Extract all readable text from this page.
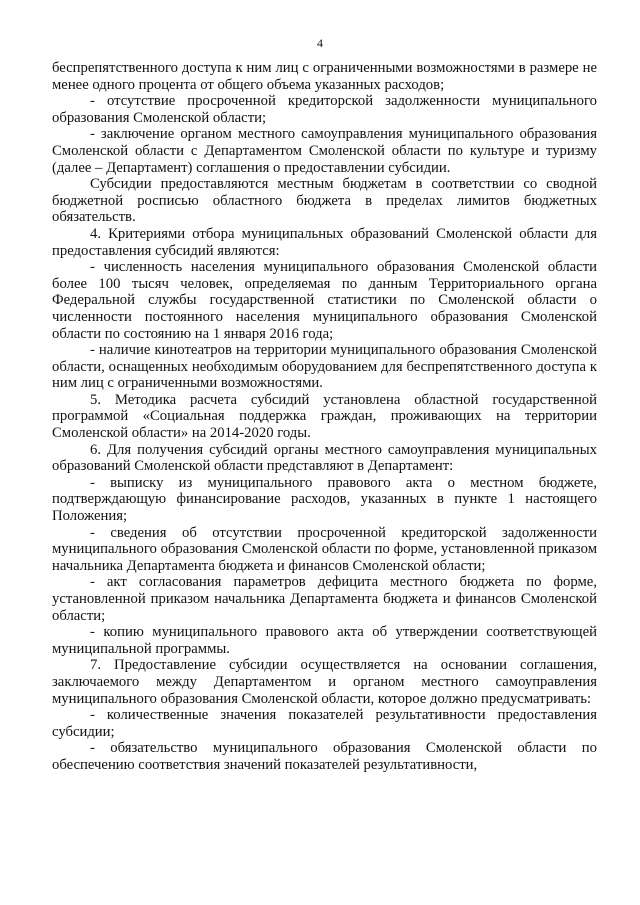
4

беспрепятственного доступа к ним лиц с ограниченными возможностями в размере не менее одного процента от общего объема указанных расходов;

- отсутствие просроченной кредиторской задолженности муниципального образования Смоленской области;

- заключение органом местного самоуправления муниципального образования Смоленской области с Департаментом Смоленской области по культуре и туризму (далее – Департамент) соглашения о предоставлении субсидии.

Субсидии предоставляются местным бюджетам в соответствии со сводной бюджетной росписью областного бюджета в пределах лимитов бюджетных обязательств.

4. Критериями отбора муниципальных образований Смоленской области для предоставления субсидий являются:

- численность населения муниципального образования Смоленской области более 100 тысяч человек, определяемая по данным Территориального органа Федеральной службы государственной статистики по Смоленской области о численности постоянного населения муниципального образования Смоленской области по состоянию на 1 января 2016 года;

- наличие кинотеатров на территории муниципального образования Смоленской области, оснащенных необходимым оборудованием для беспрепятственного доступа к ним лиц с ограниченными возможностями.

5. Методика расчета субсидий установлена областной государственной программой «Социальная поддержка граждан, проживающих на территории Смоленской области» на 2014-2020 годы.

6. Для получения субсидий органы местного самоуправления муниципальных образований Смоленской области представляют в Департамент:

- выписку из муниципального правового акта о местном бюджете, подтверждающую финансирование расходов, указанных в пункте 1 настоящего Положения;

- сведения об отсутствии просроченной кредиторской задолженности муниципального образования Смоленской области по форме, установленной приказом начальника Департамента бюджета и финансов Смоленской области;

- акт согласования параметров дефицита местного бюджета по форме, установленной приказом начальника Департамента бюджета и финансов Смоленской области;

- копию муниципального правового акта об утверждении соответствующей муниципальной программы.

7. Предоставление субсидии осуществляется на основании соглашения, заключаемого между Департаментом и органом местного самоуправления муниципального образования Смоленской области, которое должно предусматривать:

- количественные значения показателей результативности предоставления субсидии;

- обязательство муниципального образования Смоленской области по обеспечению соответствия значений показателей результативности,
